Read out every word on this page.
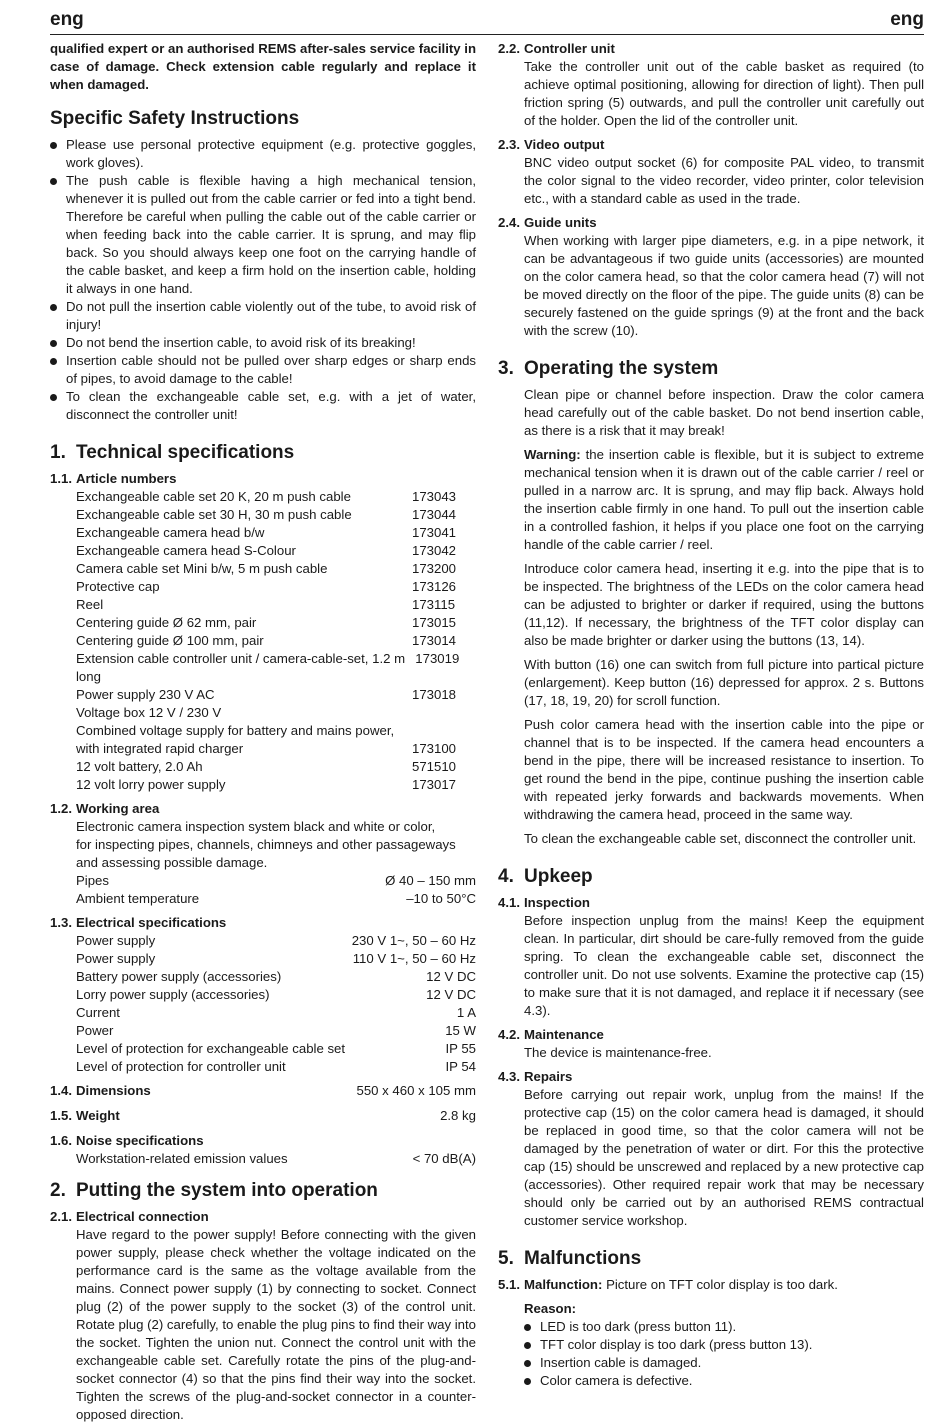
eng	eng

qualified expert or an authorised REMS after-sales service facility in case of damage. Check extension cable regularly and replace it when damaged.

Specific Safety Instructions
Please use personal protective equipment (e.g. protective goggles, work gloves).
The push cable is flexible having a high mechanical tension, whenever it is pulled out from the cable carrier or fed into a tight bend. Therefore be careful when pulling the cable out of the cable carrier or when feeding back into the cable carrier. It is sprung, and may flip back. So you should always keep one foot on the carrying handle of the cable basket, and keep a firm hold on the insertion cable, holding it always in one hand.
Do not pull the insertion cable violently out of the tube, to avoid risk of injury!
Do not bend the insertion cable, to avoid risk of its breaking!
Insertion cable should not be pulled over sharp edges or sharp ends of pipes, to avoid damage to the cable!
To clean the exchangeable cable set, e.g. with a jet of water, disconnect the controller unit!
1. Technical specifications
1.1. Article numbers
Exchangeable cable set 20 K, 20 m push cable	173043
Exchangeable cable set 30 H, 30 m push cable	173044
Exchangeable camera head b/w	173041
Exchangeable camera head S-Colour	173042
Camera cable set Mini b/w, 5 m push cable	173200
Protective cap	173126
Reel	173115
Centering guide Ø 62 mm, pair	173015
Centering guide Ø 100 mm, pair	173014
Extension cable controller unit / camera-cable-set, 1.2 m long
173019
Power supply 230 V AC	173018
Voltage box 12 V / 230 V
Combined voltage supply for battery and mains power,
with integrated rapid charger	173100
12 volt battery, 2.0 Ah	571510
12 volt lorry power supply	173017
1.2. Working area
Electronic camera inspection system black and white or color,
for inspecting pipes, channels, chimneys and other passageways
and assessing possible damage.
Pipes	Ø 40 – 150 mm
Ambient temperature	–10 to 50°C
1.3. Electrical specifications
Power supply	230 V 1~, 50 – 60 Hz
Power supply	110 V 1~, 50 – 60 Hz
Battery power supply (accessories)	12 V DC
Lorry power supply (accessories)	12 V DC
Current	1 A
Power	15 W
Level of protection for exchangeable cable set	IP 55
Level of protection for controller unit	IP 54
1.4. Dimensions	550 x 460 x 105 mm
1.5. Weight	2.8 kg
1.6. Noise specifications
Workstation-related emission values	< 70 dB(A)
2. Putting the system into operation
2.1. Electrical connection

Have regard to the power supply! Before connecting with the given power supply, please check whether the voltage indicated on the performance card is the same as the voltage available from the mains. Connect power supply (1) by connecting to socket. Connect plug (2) of the power supply to the socket (3) of the control unit. Rotate plug (2) carefully, to enable the plug pins to find their way into the socket. Tighten the union nut. Connect the control unit with the exchangeable cable set. Carefully rotate the pins of the plug-and-socket connector (4) so that the pins find their way into the socket. Tighten the screws of the plug-and-socket connector in a counter-opposed direction.

2.2. Controller unit

Take the controller unit out of the cable basket as required (to achieve optimal positioning, allowing for direction of light). Then pull friction spring (5) outwards, and pull the controller unit carefully out of the holder. Open the lid of the controller unit.

2.3. Video output

BNC video output socket (6) for composite PAL video, to transmit the color signal to the video recorder, video printer, color television etc., with a standard cable as used in the trade.

2.4. Guide units

When working with larger pipe diameters, e.g. in a pipe network, it can be advantageous if two guide units (accessories) are mounted on the color camera head, so that the color camera head (7) will not be moved directly on the floor of the pipe. The guide units (8) can be securely fastened on the guide springs (9) at the front and the back with the screw (10).

3. Operating the system

Clean pipe or channel before inspection. Draw the color camera head carefully out of the cable basket. Do not bend insertion cable, as there is a risk that it may break!

Warning: the insertion cable is flexible, but it is subject to extreme mechanical tension when it is drawn out of the cable carrier / reel or pulled in a narrow arc. It is sprung, and may flip back. Always hold the insertion cable firmly in one hand. To pull out the insertion cable in a controlled fashion, it helps if you place one foot on the carrying handle of the cable carrier / reel.

Introduce color camera head, inserting it e.g. into the pipe that is to be inspected. The brightness of the LEDs on the color camera head can be adjusted to brighter or darker if required, using the buttons (11,12). If necessary, the brightness of the TFT color display can also be made brighter or darker using the buttons (13, 14).

With button (16) one can switch from full picture into partical picture (enlargement). Keep button (16) depressed for approx. 2 s. Buttons (17, 18, 19, 20) for scroll function.

Push color camera head with the insertion cable into the pipe or channel that is to be inspected. If the camera head encounters a bend in the pipe, there will be increased resistance to insertion. To get round the bend in the pipe, continue pushing the insertion cable with repeated jerky forwards and backwards movements. When withdrawing the camera head, proceed in the same way.

To clean the exchangeable cable set, disconnect the controller unit.

4. Upkeep
4.1. Inspection

Before inspection unplug from the mains! Keep the equipment clean. In particular, dirt should be care-fully removed from the guide spring. To clean the exchangeable cable set, disconnect the controller unit. Do not use solvents. Examine the protective cap (15) to make sure that it is not damaged, and replace it if necessary (see 4.3).

4.2. Maintenance

The device is maintenance-free.

4.3. Repairs

Before carrying out repair work, unplug from the mains! If the protective cap (15) on the color camera head is damaged, it should be replaced in good time, so that the color camera will not be damaged by the penetration of water or dirt. For this the protective cap (15) should be unscrewed and replaced by a new protective cap (accessories). Other required repair work that may be necessary should only be carried out by an authorised REMS contractual customer service workshop.

5. Malfunctions
5.1. Malfunction: Picture on TFT color display is too dark.
Reason:
LED is too dark (press button 11).
TFT color display is too dark (press button 13).
Insertion cable is damaged.
Color camera is defective.
